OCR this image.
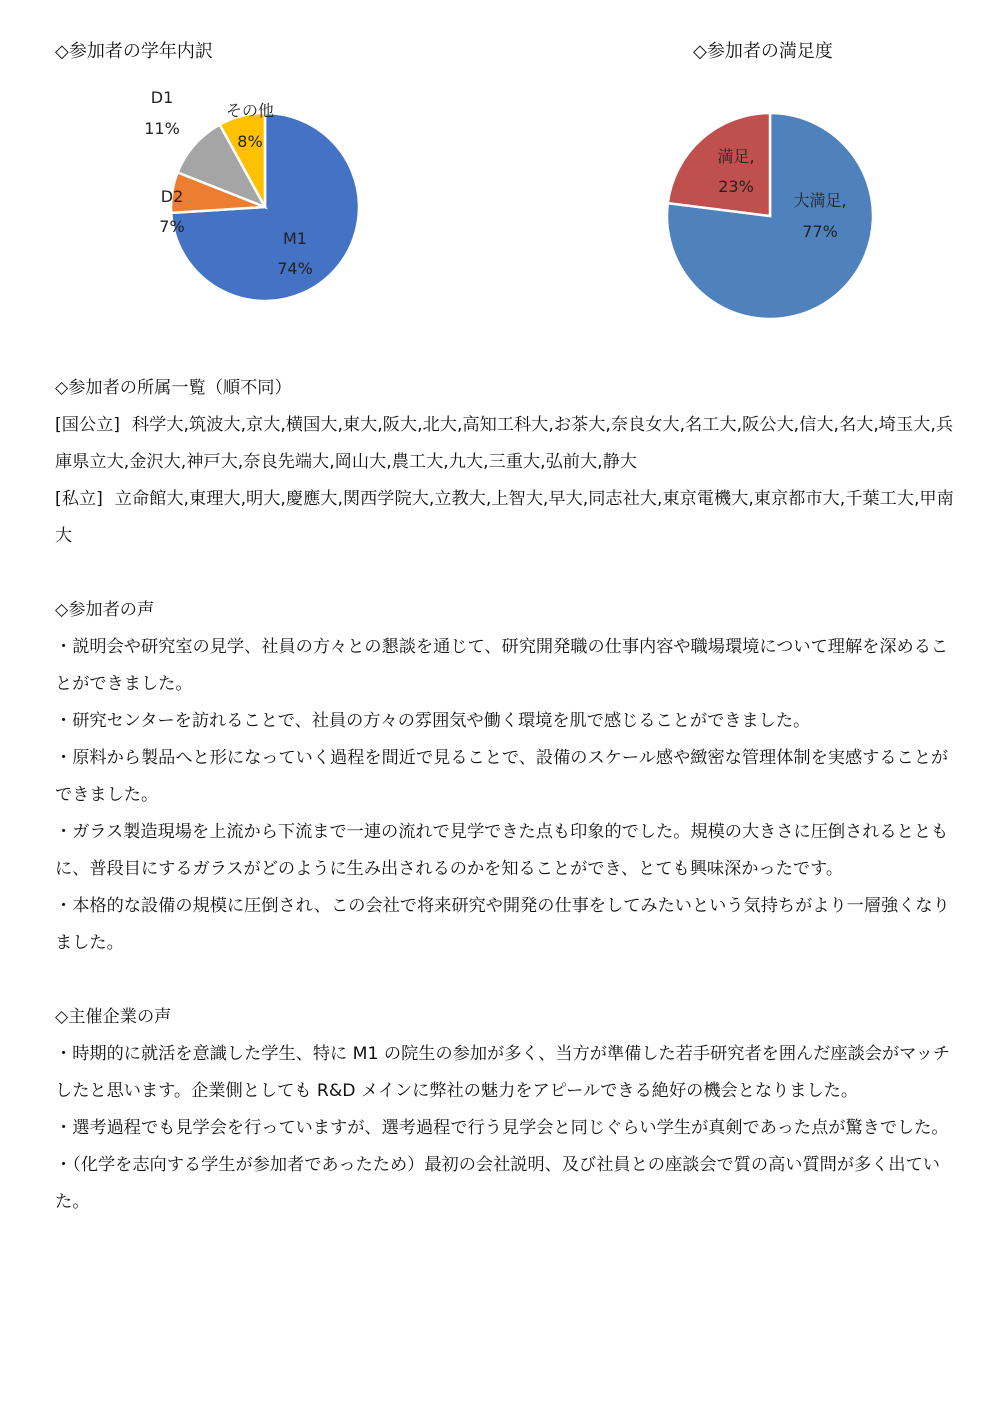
◇参加者の学年内訳	◇参加者の満足度
M1
74%
D2
7%
D1
11%
その他
8%
大満足,
77%
満足,
23%
◇参加者の所属一覧（順不同）

[国公立] 科学大,筑波大,京大,横国大,東大,阪大,北大,高知工科大,お茶大,奈良女大,名工大,阪公大,信大,名大,埼玉大,兵庫県立大,金沢大,神戸大,奈良先端大,岡山大,農工大,九大,三重大,弘前大,静大

[私立] 立命館大,東理大,明大,慶應大,関西学院大,立教大,上智大,早大,同志社大,東京電機大,東京都市大,千葉工大,甲南大

◇参加者の声

・説明会や研究室の見学、社員の方々との懇談を通じて、研究開発職の仕事内容や職場環境について理解を深めることができました。

・研究センターを訪れることで、社員の方々の雰囲気や働く環境を肌で感じることができました。

・原料から製品へと形になっていく過程を間近で見ることで、設備のスケール感や緻密な管理体制を実感することができました。

・ガラス製造現場を上流から下流まで一連の流れで見学できた点も印象的でした。規模の大きさに圧倒されるとともに、普段目にするガラスがどのように生み出されるのかを知ることができ、とても興味深かったです。

・本格的な設備の規模に圧倒され、この会社で将来研究や開発の仕事をしてみたいという気持ちがより一層強くなりました。

◇主催企業の声

・時期的に就活を意識した学生、特に M1 の院生の参加が多く、当方が準備した若手研究者を囲んだ座談会がマッチしたと思います。企業側としても R&D メインに弊社の魅力をアピールできる絶好の機会となりました。

・選考過程でも見学会を行っていますが、選考過程で行う見学会と同じぐらい学生が真剣であった点が驚きでした。

・（化学を志向する学生が参加者であったため）最初の会社説明、及び社員との座談会で質の高い質問が多く出ていた。
